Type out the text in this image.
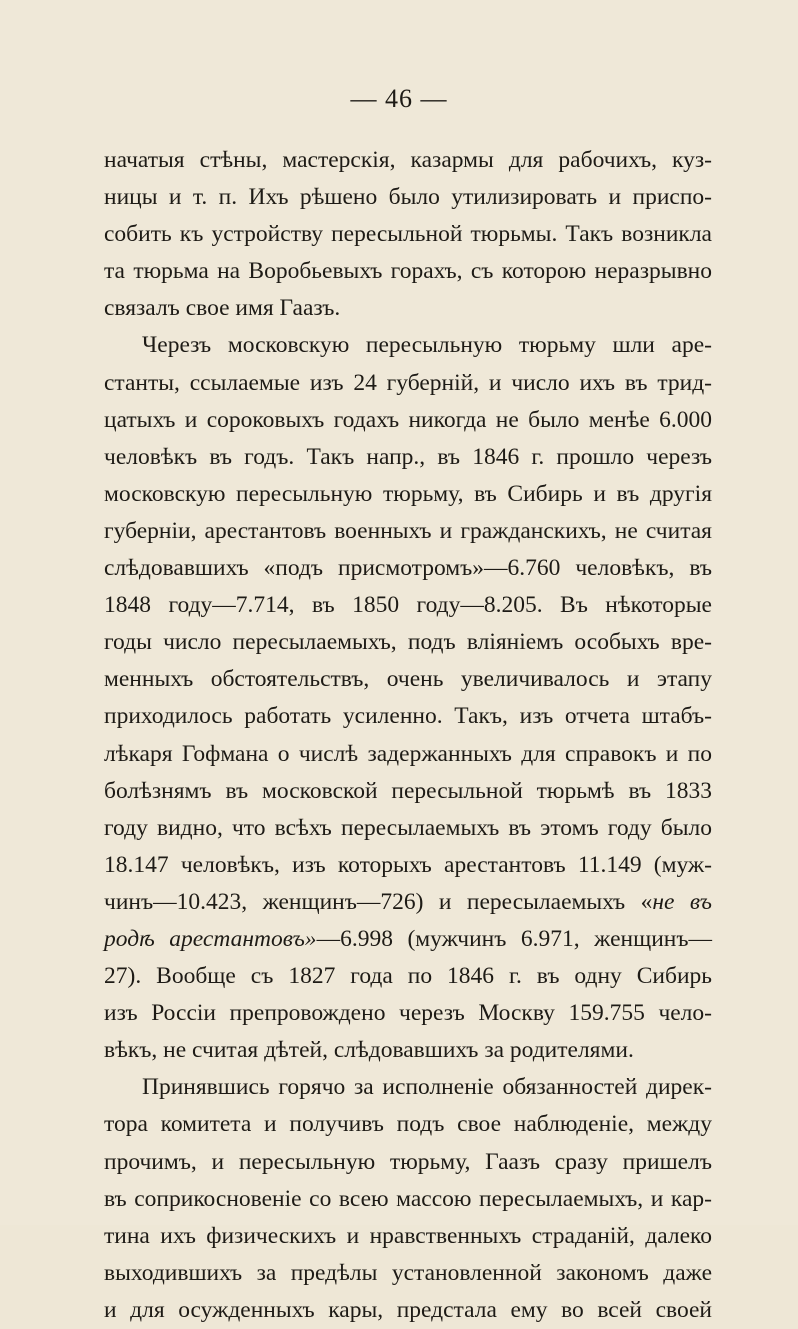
— 46 —
начатыя стѣны, мастерскія, казармы для рабочихъ, куз-
ницы и т. п. Ихъ рѣшено было утилизировать и приспо-
собить къ устройству пересыльной тюрьмы. Такъ возникла
та тюрьма на Воробьевыхъ горахъ, съ которою неразрывно
связалъ свое имя Гаазъ.
Черезъ московскую пересыльную тюрьму шли аре-
станты, ссылаемые изъ 24 губерній, и число ихъ въ трид-
цатыхъ и сороковыхъ годахъ никогда не было менѣе 6.000
человѣкъ въ годъ. Такъ напр., въ 1846 г. прошло черезъ
московскую пересыльную тюрьму, въ Сибирь и въ другія
губерніи, арестантовъ военныхъ и гражданскихъ, не считая
слѣдовавшихъ «подъ присмотромъ»—6.760 человѣкъ, въ
1848 году—7.714, въ 1850 году—8.205. Въ нѣкоторые
годы число пересылаемыхъ, подъ вліяніемъ особыхъ вре-
менныхъ обстоятельствъ, очень увеличивалось и этапу
приходилось работать усиленно. Такъ, изъ отчета штабъ-
лѣкаря Гофмана о числѣ задержанныхъ для справокъ и по
болѣзнямъ въ московской пересыльной тюрьмѣ въ 1833
году видно, что всѣхъ пересылаемыхъ въ этомъ году было
18.147 человѣкъ, изъ которыхъ арестантовъ 11.149 (муж-
чинъ—10.423, женщинъ—726) и пересылаемыхъ «не въ
родѣ арестантовъ»—6.998 (мужчинъ 6.971, женщинъ—
27). Вообще съ 1827 года по 1846 г. въ одну Сибирь
изъ Россіи препровождено черезъ Москву 159.755 чело-
вѣкъ, не считая дѣтей, слѣдовавшихъ за родителями.
Принявшись горячо за исполненіе обязанностей дирек-
тора комитета и получивъ подъ свое наблюденіе, между
прочимъ, и пересыльную тюрьму, Гаазъ сразу пришелъ
въ соприкосновеніе со всею массою пересылаемыхъ, и кар-
тина ихъ физическихъ и нравственныхъ страданій, далеко
выходившихъ за предѣлы установленной закономъ даже
и для осужденныхъ кары, предстала ему во всей своей
